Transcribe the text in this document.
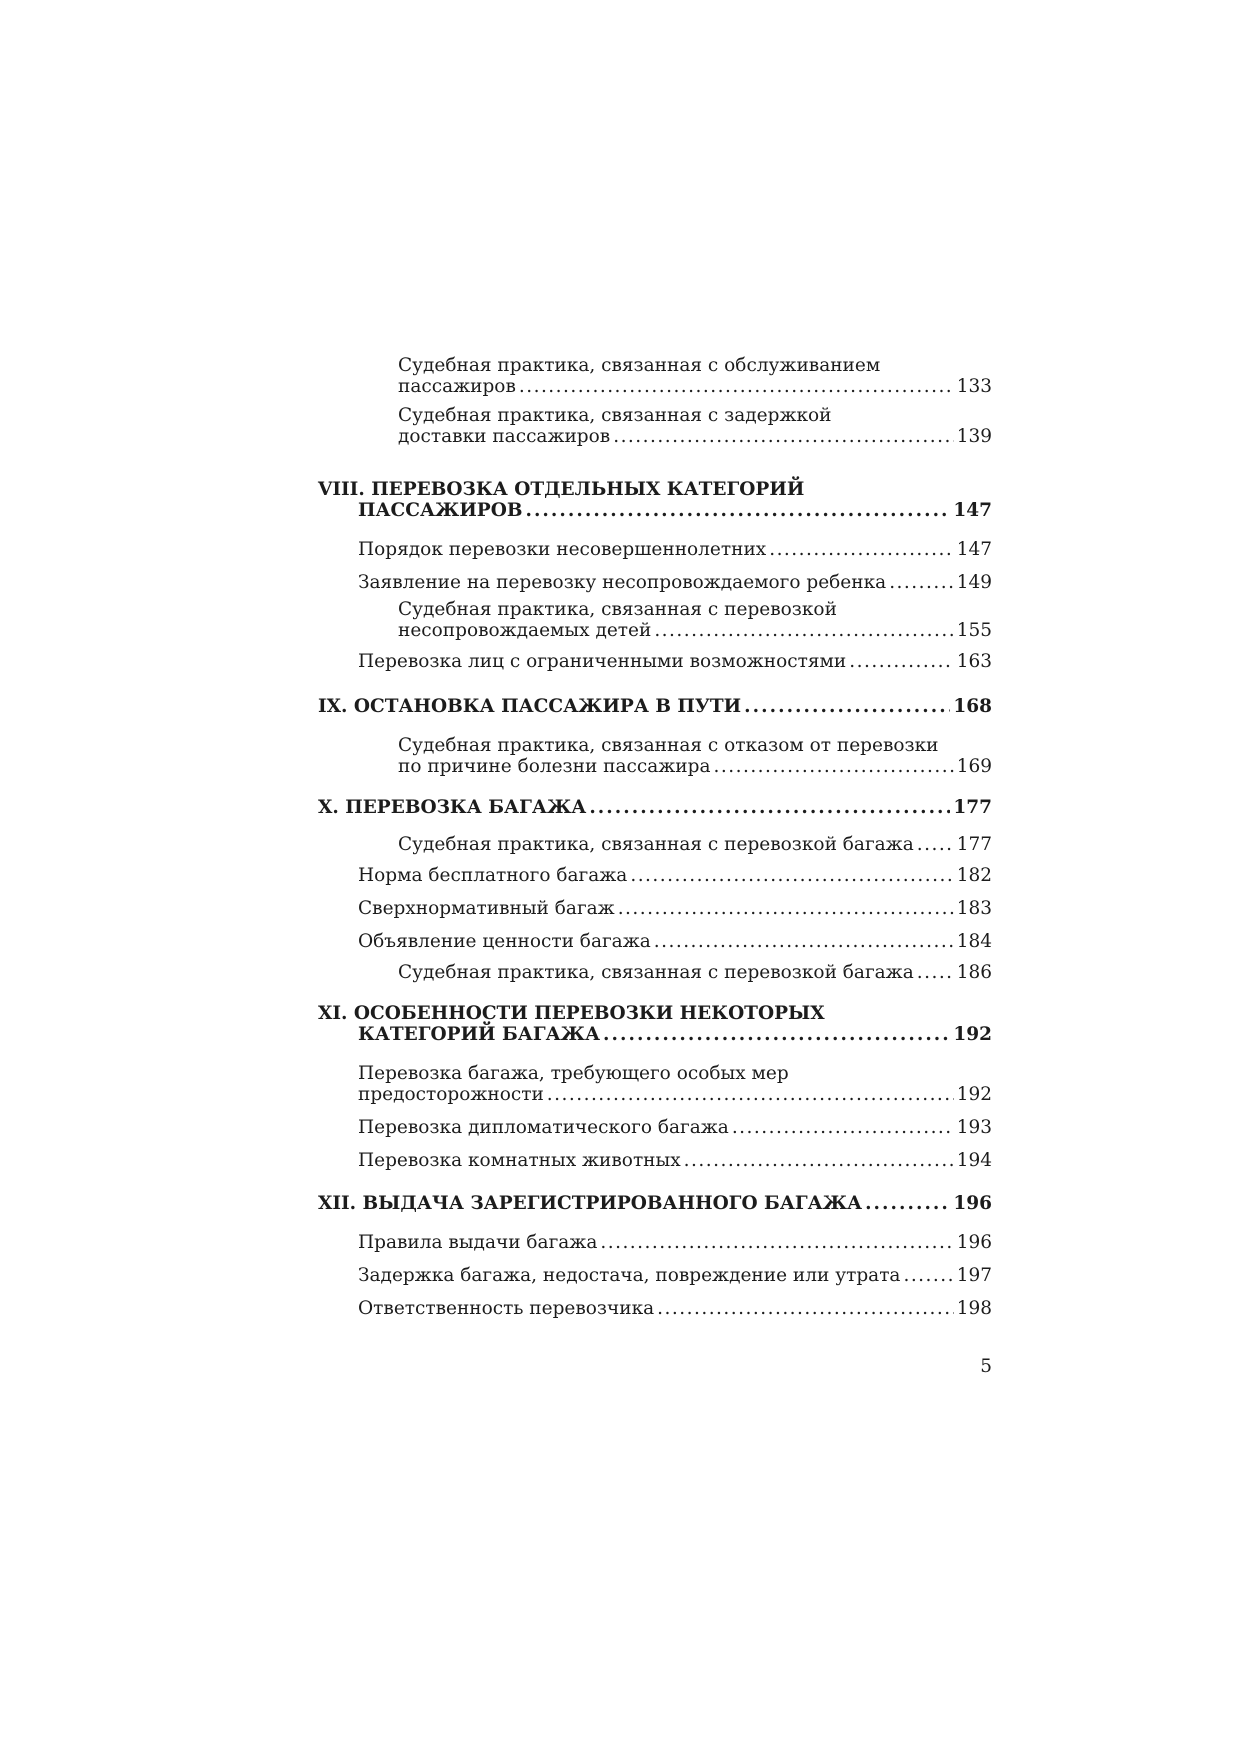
Судебная практика, связанная с обслуживанием
пассажиров . . .	133
Судебная практика, связанная с задержкой
доставки пассажиров . . .	139
VIII. ПЕРЕВОЗКА ОТДЕЛЬНЫХ КАТЕГОРИЙ
ПАССАЖИРОВ . . .	147
Порядок перевозки несовершеннолетних . . .	147
Заявление на перевозку несопровождаемого ребенка . . .	149
Судебная практика, связанная с перевозкой
несопровождаемых детей . . .	155
Перевозка лиц с ограниченными возможностями . . .	163
IX. ОСТАНОВКА ПАССАЖИРА В ПУТИ . . .	168
Судебная практика, связанная с отказом от перевозки
по причине болезни пассажира . . .	169
X. ПЕРЕВОЗКА БАГАЖА . . .	177
Судебная практика, связанная с перевозкой багажа . . . 177
Норма бесплатного багажа . . .	182
Сверхнормативный багаж . . .	183
Объявление ценности багажа . . .	184
Судебная практика, связанная с перевозкой багажа . . . 186
XI. ОСОБЕННОСТИ ПЕРЕВОЗКИ НЕКОТОРЫХ
КАТЕГОРИЙ БАГАЖА . . .	192
Перевозка багажа, требующего особых мер
предосторожности . . .	192
Перевозка дипломатического багажа . . .	193
Перевозка комнатных животных . . .	194
XII. ВЫДАЧА ЗАРЕГИСТРИРОВАННОГО БАГАЖА . . .	196
Правила выдачи багажа . . .	196
Задержка багажа, недостача, повреждение или утрата . . .	197
Ответственность перевозчика . . .	198
5
